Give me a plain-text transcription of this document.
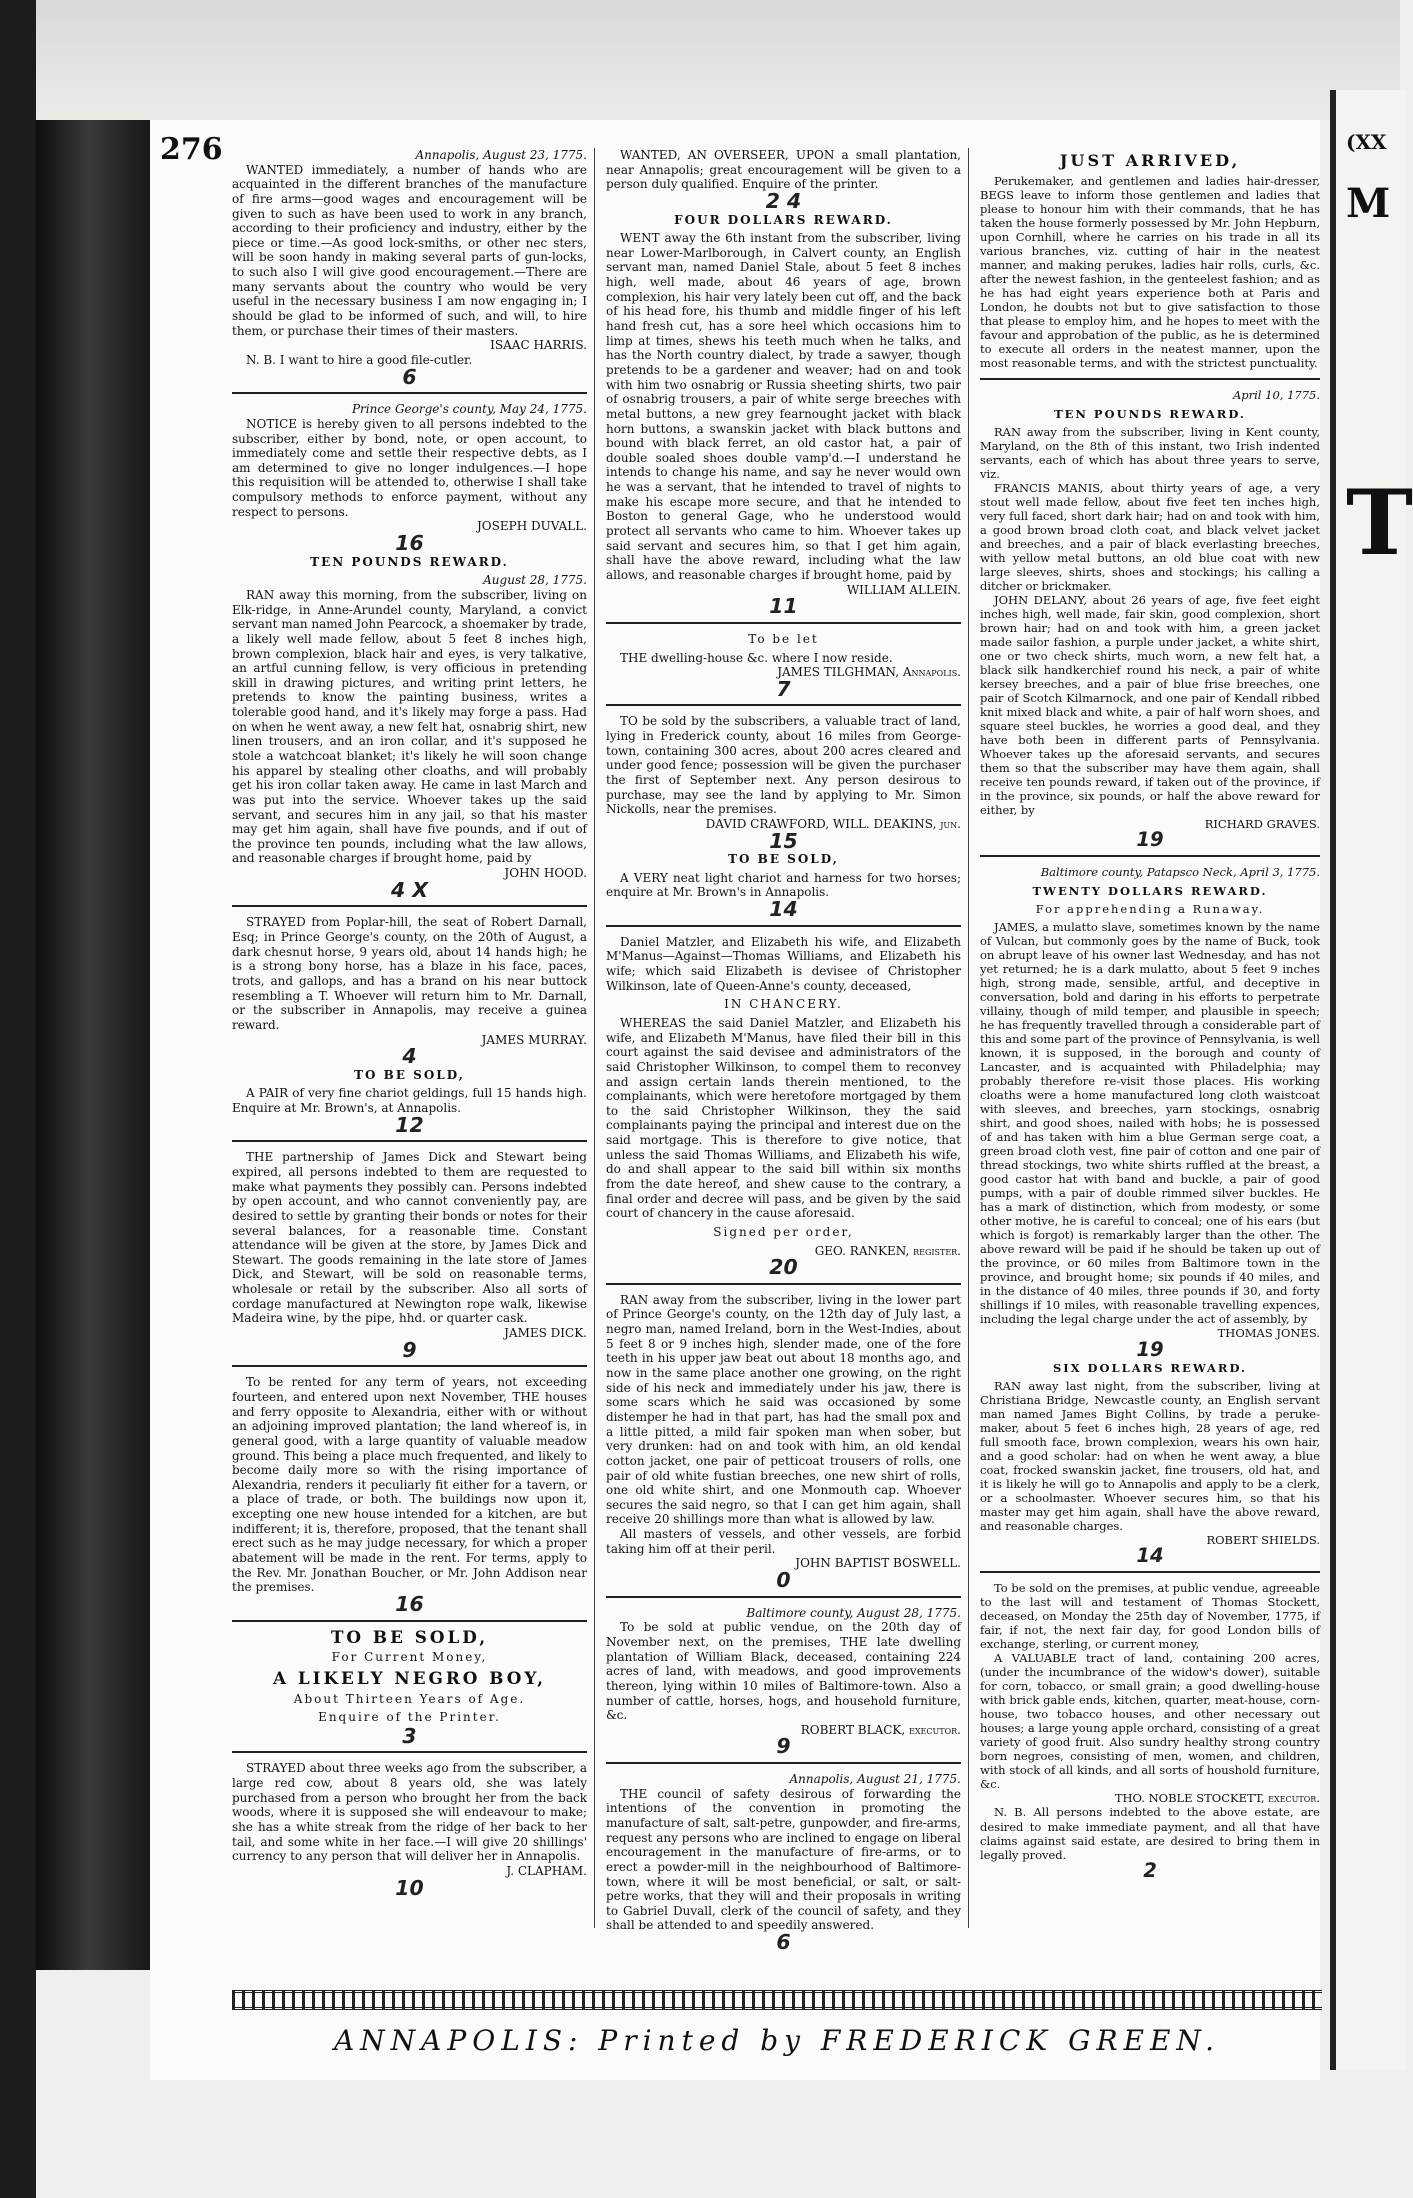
(XX
M
T
276	Annapolis, August 23, 1775.
WANTED immediately, a number of hands who are acquainted in the different branches of the manufacture of fire arms—good wages and encouragement will be given to such as have been used to work in any branch, according to their proficiency and industry, either by the piece or time.—As good lock-smiths, or other nec sters, will be soon handy in making several parts of gun-locks, to such also I will give good encouragement.—There are many servants about the country who would be very useful in the necessary business I am now engaging in; I should be glad to be informed of such, and will, to hire them, or purchase their times of their masters.
ISAAC HARRIS.
N. B. I want to hire a good file-cutler.
6
Prince George's county, May 24, 1775.
NOTICE is hereby given to all persons indebted to the subscriber, either by bond, note, or open account, to immediately come and settle their respective debts, as I am determined to give no longer indulgences.—I hope this requisition will be attended to, otherwise I shall take compulsory methods to enforce payment, without any respect to persons.
JOSEPH DUVALL.
16
TEN POUNDS REWARD.
August 28, 1775.
RAN away this morning, from the subscriber, living on Elk-ridge, in Anne-Arundel county, Maryland, a convict servant man named John Pearcock, a shoemaker by trade, a likely well made fellow, about 5 feet 8 inches high, brown complexion, black hair and eyes, is very talkative, an artful cunning fellow, is very officious in pretending skill in drawing pictures, and writing print letters, he pretends to know the painting business, writes a tolerable good hand, and it's likely may forge a pass. Had on when he went away, a new felt hat, osnabrig shirt, new linen trousers, and an iron collar, and it's supposed he stole a watchcoat blanket; it's likely he will soon change his apparel by stealing other cloaths, and will probably get his iron collar taken away. He came in last March and was put into the service. Whoever takes up the said servant, and secures him in any jail, so that his master may get him again, shall have five pounds, and if out of the province ten pounds, including what the law allows, and reasonable charges if brought home, paid by
JOHN HOOD.
4 X
STRAYED from Poplar-hill, the seat of Robert Darnall, Esq; in Prince George's county, on the 20th of August, a dark chesnut horse, 9 years old, about 14 hands high; he is a strong bony horse, has a blaze in his face, paces, trots, and gallops, and has a brand on his near buttock resembling a T. Whoever will return him to Mr. Darnall, or the subscriber in Annapolis, may receive a guinea reward.
JAMES MURRAY.
4
TO BE SOLD,
A PAIR of very fine chariot geldings, full 15 hands high. Enquire at Mr. Brown's, at Annapolis.
12
THE partnership of James Dick and Stewart being expired, all persons indebted to them are requested to make what payments they possibly can. Persons indebted by open account, and who cannot conveniently pay, are desired to settle by granting their bonds or notes for their several balances, for a reasonable time. Constant attendance will be given at the store, by James Dick and Stewart. The goods remaining in the late store of James Dick, and Stewart, will be sold on reasonable terms, wholesale or retail by the subscriber. Also all sorts of cordage manufactured at Newington rope walk, likewise Madeira wine, by the pipe, hhd. or quarter cask.
JAMES DICK.
9
To be rented for any term of years, not exceeding fourteen, and entered upon next November, THE houses and ferry opposite to Alexandria, either with or without an adjoining improved plantation; the land whereof is, in general good, with a large quantity of valuable meadow ground. This being a place much frequented, and likely to become daily more so with the rising importance of Alexandria, renders it peculiarly fit either for a tavern, or a place of trade, or both. The buildings now upon it, excepting one new house intended for a kitchen, are but indifferent; it is, therefore, proposed, that the tenant shall erect such as he may judge necessary, for which a proper abatement will be made in the rent. For terms, apply to the Rev. Mr. Jonathan Boucher, or Mr. John Addison near the premises.
16
TO BE SOLD,
For Current Money,
A LIKELY NEGRO BOY,
About Thirteen Years of Age.
Enquire of the Printer.
3
STRAYED about three weeks ago from the subscriber, a large red cow, about 8 years old, she was lately purchased from a person who brought her from the back woods, where it is supposed she will endeavour to make; she has a white streak from the ridge of her back to her tail, and some white in her face.—I will give 20 shillings' currency to any person that will deliver her in Annapolis.
J. CLAPHAM.
10
WANTED, AN OVERSEER, UPON a small plantation, near Annapolis; great encouragement will be given to a person duly qualified. Enquire of the printer.
2 4
FOUR DOLLARS REWARD.
WENT away the 6th instant from the subscriber, living near Lower-Marlborough, in Calvert county, an English servant man, named Daniel Stale, about 5 feet 8 inches high, well made, about 46 years of age, brown complexion, his hair very lately been cut off, and the back of his head fore, his thumb and middle finger of his left hand fresh cut, has a sore heel which occasions him to limp at times, shews his teeth much when he talks, and has the North country dialect, by trade a sawyer, though pretends to be a gardener and weaver; had on and took with him two osnabrig or Russia sheeting shirts, two pair of osnabrig trousers, a pair of white serge breeches with metal buttons, a new grey fearnought jacket with black horn buttons, a swanskin jacket with black buttons and bound with black ferret, an old castor hat, a pair of double soaled shoes double vamp'd.—I understand he intends to change his name, and say he never would own he was a servant, that he intended to travel of nights to make his escape more secure, and that he intended to Boston to general Gage, who he understood would protect all servants who came to him. Whoever takes up said servant and secures him, so that I get him again, shall have the above reward, including what the law allows, and reasonable charges if brought home, paid by
WILLIAM ALLEIN.
11
To be let
THE dwelling-house &c. where I now reside.
JAMES TILGHMAN, Annapolis.
7
TO be sold by the subscribers, a valuable tract of land, lying in Frederick county, about 16 miles from George-town, containing 300 acres, about 200 acres cleared and under good fence; possession will be given the purchaser the first of September next. Any person desirous to purchase, may see the land by applying to Mr. Simon Nickolls, near the premises.
DAVID CRAWFORD, WILL. DEAKINS, jun.
15
TO BE SOLD,
A VERY neat light chariot and harness for two horses; enquire at Mr. Brown's in Annapolis.
14
Daniel Matzler, and Elizabeth his wife, and Elizabeth M'Manus—Against—Thomas Williams, and Elizabeth his wife; which said Elizabeth is devisee of Christopher Wilkinson, late of Queen-Anne's county, deceased,
IN CHANCERY.
WHEREAS the said Daniel Matzler, and Elizabeth his wife, and Elizabeth M'Manus, have filed their bill in this court against the said devisee and administrators of the said Christopher Wilkinson, to compel them to reconvey and assign certain lands therein mentioned, to the complainants, which were heretofore mortgaged by them to the said Christopher Wilkinson, they the said complainants paying the principal and interest due on the said mortgage. This is therefore to give notice, that unless the said Thomas Williams, and Elizabeth his wife, do and shall appear to the said bill within six months from the date hereof, and shew cause to the contrary, a final order and decree will pass, and be given by the said court of chancery in the cause aforesaid.
Signed per order,
GEO. RANKEN, register.
20
RAN away from the subscriber, living in the lower part of Prince George's county, on the 12th day of July last, a negro man, named Ireland, born in the West-Indies, about 5 feet 8 or 9 inches high, slender made, one of the fore teeth in his upper jaw beat out about 18 months ago, and now in the same place another one growing, on the right side of his neck and immediately under his jaw, there is some scars which he said was occasioned by some distemper he had in that part, has had the small pox and a little pitted, a mild fair spoken man when sober, but very drunken: had on and took with him, an old kendal cotton jacket, one pair of petticoat trousers of rolls, one pair of old white fustian breeches, one new shirt of rolls, one old white shirt, and one Monmouth cap. Whoever secures the said negro, so that I can get him again, shall receive 20 shillings more than what is allowed by law.
All masters of vessels, and other vessels, are forbid taking him off at their peril.
JOHN BAPTIST BOSWELL.
0
Baltimore county, August 28, 1775.
To be sold at public vendue, on the 20th day of November next, on the premises, THE late dwelling plantation of William Black, deceased, containing 224 acres of land, with meadows, and good improvements thereon, lying within 10 miles of Baltimore-town. Also a number of cattle, horses, hogs, and household furniture, &c.
ROBERT BLACK, executor.
9
Annapolis, August 21, 1775.
THE council of safety desirous of forwarding the intentions of the convention in promoting the manufacture of salt, salt-petre, gunpowder, and fire-arms, request any persons who are inclined to engage on liberal encouragement in the manufacture of fire-arms, or to erect a powder-mill in the neighbourhood of Baltimore-town, where it will be most beneficial, or salt, or salt-petre works, that they will and their proposals in writing to Gabriel Duvall, clerk of the council of safety, and they shall be attended to and speedily answered.
6
JUST ARRIVED,
Perukemaker, and gentlemen and ladies hair-dresser, BEGS leave to inform those gentlemen and ladies that please to honour him with their commands, that he has taken the house formerly possessed by Mr. John Hepburn, upon Cornhill, where he carries on his trade in all its various branches, viz. cutting of hair in the neatest manner, and making perukes, ladies hair rolls, curls, &c. after the newest fashion, in the genteelest fashion; and as he has had eight years experience both at Paris and London, he doubts not but to give satisfaction to those that please to employ him, and he hopes to meet with the favour and approbation of the public, as he is determined to execute all orders in the neatest manner, upon the most reasonable terms, and with the strictest punctuality.
April 10, 1775.
TEN POUNDS REWARD.
RAN away from the subscriber, living in Kent county, Maryland, on the 8th of this instant, two Irish indented servants, each of which has about three years to serve, viz.
FRANCIS MANIS, about thirty years of age, a very stout well made fellow, about five feet ten inches high, very full faced, short dark hair; had on and took with him, a good brown broad cloth coat, and black velvet jacket and breeches, and a pair of black everlasting breeches, with yellow metal buttons, an old blue coat with new large sleeves, shirts, shoes and stockings; his calling a ditcher or brickmaker.
JOHN DELANY, about 26 years of age, five feet eight inches high, well made, fair skin, good complexion, short brown hair; had on and took with him, a green jacket made sailor fashion, a purple under jacket, a white shirt, one or two check shirts, much worn, a new felt hat, a black silk handkerchief round his neck, a pair of white kersey breeches, and a pair of blue frise breeches, one pair of Scotch Kilmarnock, and one pair of Kendall ribbed knit mixed black and white, a pair of half worn shoes, and square steel buckles, he worries a good deal, and they have both been in different parts of Pennsylvania. Whoever takes up the aforesaid servants, and secures them so that the subscriber may have them again, shall receive ten pounds reward, if taken out of the province, if in the province, six pounds, or half the above reward for either, by
RICHARD GRAVES.
19
Baltimore county, Patapsco Neck, April 3, 1775.
TWENTY DOLLARS REWARD.
For apprehending a Runaway.
JAMES, a mulatto slave, sometimes known by the name of Vulcan, but commonly goes by the name of Buck, took on abrupt leave of his owner last Wednesday, and has not yet returned; he is a dark mulatto, about 5 feet 9 inches high, strong made, sensible, artful, and deceptive in conversation, bold and daring in his efforts to perpetrate villainy, though of mild temper, and plausible in speech; he has frequently travelled through a considerable part of this and some part of the province of Pennsylvania, is well known, it is supposed, in the borough and county of Lancaster, and is acquainted with Philadelphia; may probably therefore re-visit those places. His working cloaths were a home manufactured long cloth waistcoat with sleeves, and breeches, yarn stockings, osnabrig shirt, and good shoes, nailed with hobs; he is possessed of and has taken with him a blue German serge coat, a green broad cloth vest, fine pair of cotton and one pair of thread stockings, two white shirts ruffled at the breast, a good castor hat with band and buckle, a pair of good pumps, with a pair of double rimmed silver buckles. He has a mark of distinction, which from modesty, or some other motive, he is careful to conceal; one of his ears (but which is forgot) is remarkably larger than the other. The above reward will be paid if he should be taken up out of the province, or 60 miles from Baltimore town in the province, and brought home; six pounds if 40 miles, and in the distance of 40 miles, three pounds if 30, and forty shillings if 10 miles, with reasonable travelling expences, including the legal charge under the act of assembly, by
THOMAS JONES.
19
SIX DOLLARS REWARD.
RAN away last night, from the subscriber, living at Christiana Bridge, Newcastle county, an English servant man named James Bight Collins, by trade a peruke-maker, about 5 feet 6 inches high, 28 years of age, red full smooth face, brown complexion, wears his own hair, and a good scholar: had on when he went away, a blue coat, frocked swanskin jacket, fine trousers, old hat, and it is likely he will go to Annapolis and apply to be a clerk, or a schoolmaster. Whoever secures him, so that his master may get him again, shall have the above reward, and reasonable charges.
ROBERT SHIELDS.
14
To be sold on the premises, at public vendue, agreeable to the last will and testament of Thomas Stockett, deceased, on Monday the 25th day of November, 1775, if fair, if not, the next fair day, for good London bills of exchange, sterling, or current money,
A VALUABLE tract of land, containing 200 acres, (under the incumbrance of the widow's dower), suitable for corn, tobacco, or small grain; a good dwelling-house with brick gable ends, kitchen, quarter, meat-house, corn-house, two tobacco houses, and other necessary out houses; a large young apple orchard, consisting of a great variety of good fruit. Also sundry healthy strong country born negroes, consisting of men, women, and children, with stock of all kinds, and all sorts of houshold furniture, &c.
THO. NOBLE STOCKETT, executor.
N. B. All persons indebted to the above estate, are desired to make immediate payment, and all that have claims against said estate, are desired to bring them in legally proved.
2
ANNAPOLIS: Printed by FREDERICK GREEN.
